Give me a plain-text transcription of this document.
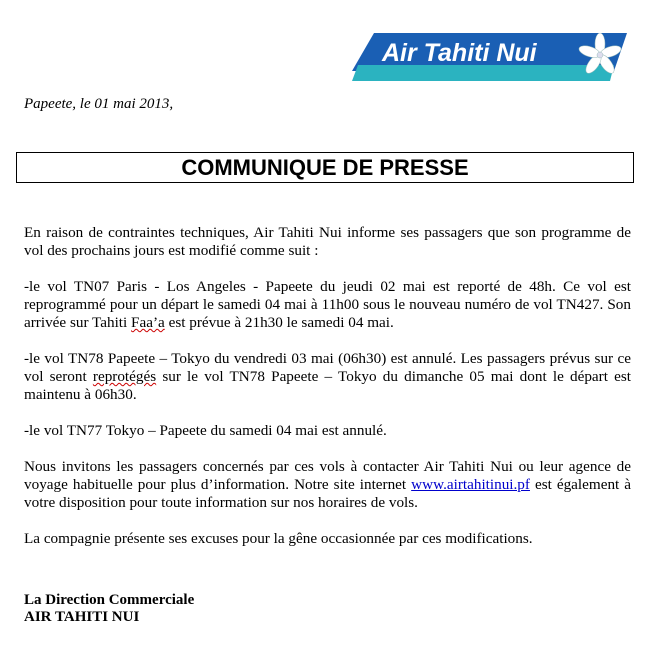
Air Tahiti Nui
Papeete, le 01 mai 2013,
COMMUNIQUE DE PRESSE

En raison de contraintes techniques, Air Tahiti Nui informe ses passagers que son programme de vol des prochains jours est modifié comme suit :

-le vol TN07 Paris - Los Angeles - Papeete du jeudi 02 mai est reporté de 48h. Ce vol est reprogrammé pour un départ le samedi 04 mai à 11h00 sous le nouveau numéro de vol TN427. Son arrivée sur Tahiti Faa’a est prévue à 21h30 le samedi 04 mai.

-le vol TN78 Papeete – Tokyo du vendredi 03 mai (06h30) est annulé. Les passagers prévus sur ce vol seront reprotégés sur le vol TN78 Papeete – Tokyo du dimanche 05 mai dont le départ est maintenu à 06h30.

-le vol TN77 Tokyo – Papeete du samedi 04 mai est annulé.

Nous invitons les passagers concernés par ces vols à contacter Air Tahiti Nui ou leur agence de voyage habituelle pour plus d’information. Notre site internet www.airtahitinui.pf est également à votre disposition pour toute information sur nos horaires de vols.

La compagnie présente ses excuses pour la gêne occasionnée par ces modifications.

La Direction Commerciale
AIR TAHITI NUI
